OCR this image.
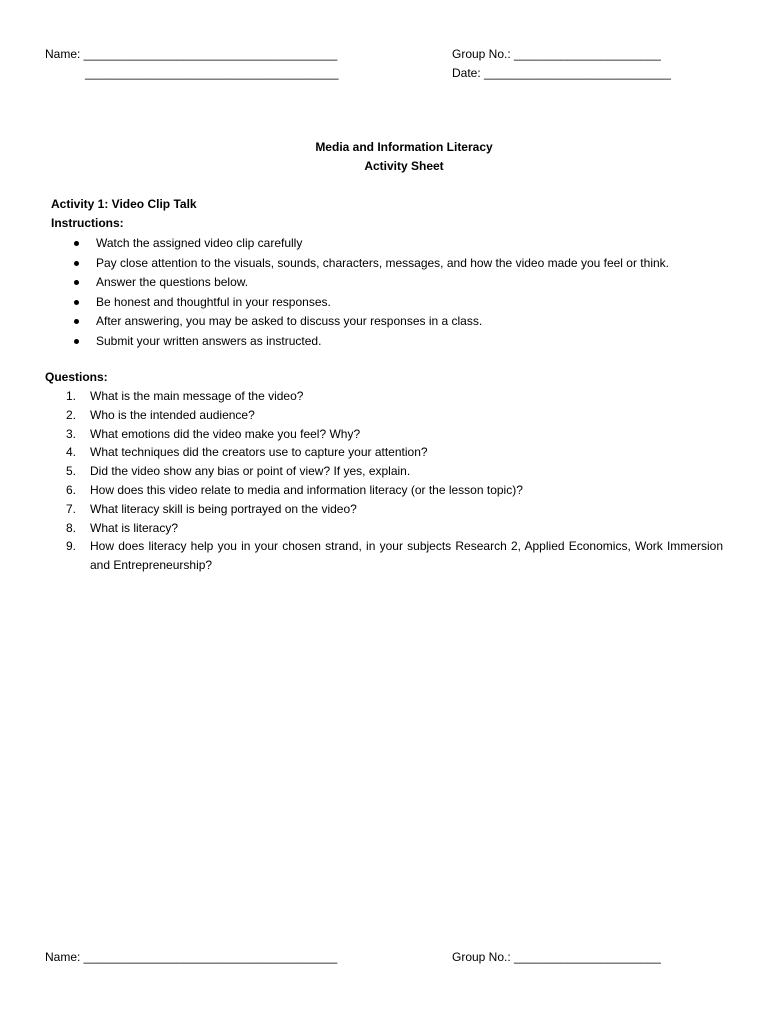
Name: ______________________________________
______________________________________
Group No.: ______________________
Date: ____________________________
Media and Information Literacy
Activity Sheet
Activity 1: Video Clip Talk
Instructions:
Watch the assigned video clip carefully
Pay close attention to the visuals, sounds, characters, messages, and how the video made you feel or think.
Answer the questions below.
Be honest and thoughtful in your responses.
After answering, you may be asked to discuss your responses in a class.
Submit your written answers as instructed.
Questions:
1. What is the main message of the video?
2. Who is the intended audience?
3. What emotions did the video make you feel? Why?
4. What techniques did the creators use to capture your attention?
5. Did the video show any bias or point of view? If yes, explain.
6. How does this video relate to media and information literacy (or the lesson topic)?
7. What literacy skill is being portrayed on the video?
8. What is literacy?
9. How does literacy help you in your chosen strand, in your subjects Research 2, Applied Economics, Work Immersion and Entrepreneurship?
Name: ______________________________________	Group No.: ______________________
